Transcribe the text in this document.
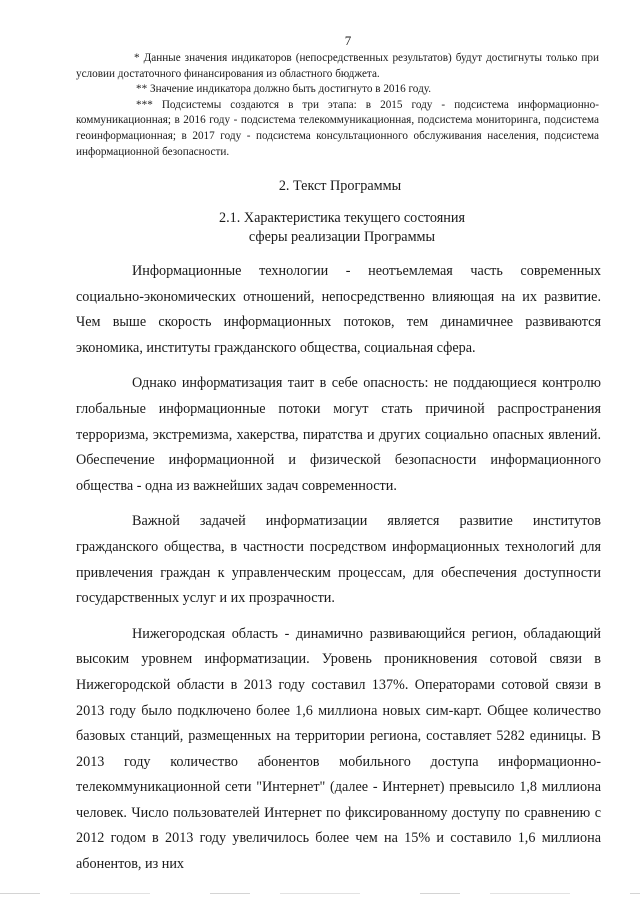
7

* Данные значения индикаторов (непосредственных результатов) будут достигнуты только при условии достаточного финансирования из областного бюджета.

** Значение индикатора должно быть достигнуто в 2016 году.

*** Подсистемы создаются в три этапа: в 2015 году - подсистема информационно-коммуникационная; в 2016 году - подсистема телекоммуникационная, подсистема мониторинга, подсистема геоинформационная; в 2017 году - подсистема консультационного обслуживания населения, подсистема информационной безопасности.

2. Текст Программы
2.1. Характеристика текущего состояния
сферы реализации Программы

Информационные технологии - неотъемлемая часть современных социально-экономических отношений, непосредственно влияющая на их развитие. Чем выше скорость информационных потоков, тем динамичнее развиваются экономика, институты гражданского общества, социальная сфера.

Однако информатизация таит в себе опасность: не поддающиеся контролю глобальные информационные потоки могут стать причиной распространения терроризма, экстремизма, хакерства, пиратства и других социально опасных явлений. Обеспечение информационной и физической безопасности информационного общества - одна из важнейших задач современности.

Важной задачей информатизации является развитие институтов гражданского общества, в частности посредством информационных технологий для привлечения граждан к управленческим процессам, для обеспечения доступности государственных услуг и их прозрачности.

Нижегородская область - динамично развивающийся регион, обладающий высоким уровнем информатизации. Уровень проникновения сотовой связи в Нижегородской области в 2013 году составил 137%. Операторами сотовой связи в 2013 году было подключено более 1,6 миллиона новых сим-карт. Общее количество базовых станций, размещенных на территории региона, составляет 5282 единицы. В 2013 году количество абонентов мобильного доступа информационно-телекоммуникационной сети "Интернет" (далее - Интернет) превысило 1,8 миллиона человек. Число пользователей Интернет по фиксированному доступу по сравнению с 2012 годом в 2013 году увеличилось более чем на 15% и составило 1,6 миллиона абонентов, из них
